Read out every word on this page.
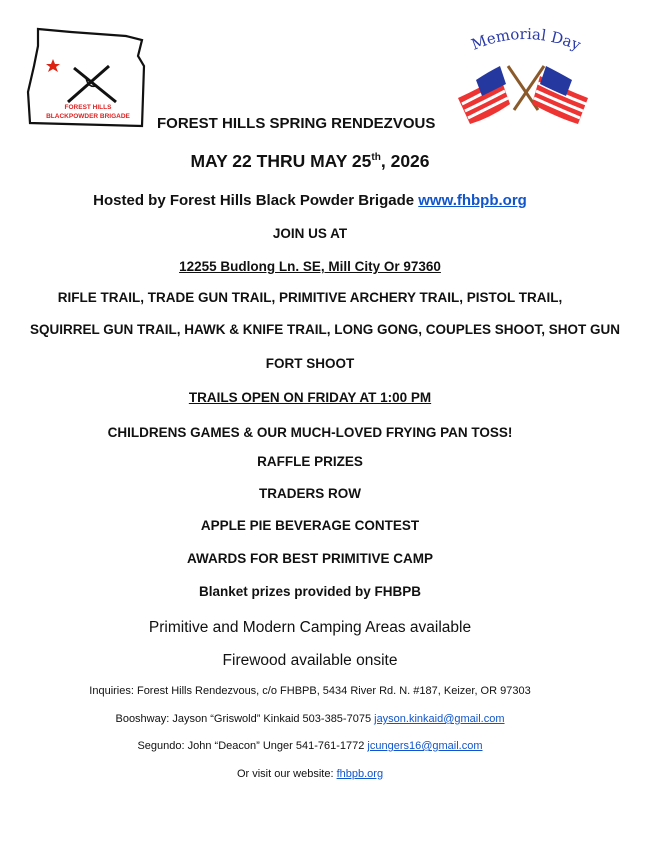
FOREST HILLS
BLACKPOWDER BRIGADE
Memorial Day
FOREST HILLS SPRING RENDEZVOUS
MAY 22 THRU MAY 25th, 2026
Hosted by Forest Hills Black Powder Brigade www.fhbpb.org
JOIN US AT
12255 Budlong Ln. SE, Mill City Or 97360
RIFLE TRAIL, TRADE GUN TRAIL, PRIMITIVE ARCHERY TRAIL, PISTOL TRAIL,
SQUIRREL GUN TRAIL, HAWK & KNIFE TRAIL, LONG GONG, COUPLES SHOOT, SHOT GUN
FORT SHOOT
TRAILS OPEN ON FRIDAY AT 1:00 PM
CHILDRENS GAMES & OUR MUCH-LOVED FRYING PAN TOSS!
RAFFLE PRIZES
TRADERS ROW
APPLE PIE BEVERAGE CONTEST
AWARDS FOR BEST PRIMITIVE CAMP
Blanket prizes provided by FHBPB
Primitive and Modern Camping Areas available
Firewood available onsite
Inquiries: Forest Hills Rendezvous, c/o FHBPB, 5434 River Rd. N. #187, Keizer, OR 97303
Booshway: Jayson “Griswold” Kinkaid 503-385-7075 jayson.kinkaid@gmail.com
Segundo: John “Deacon” Unger 541-761-1772 jcungers16@gmail.com
Or visit our website: fhbpb.org
